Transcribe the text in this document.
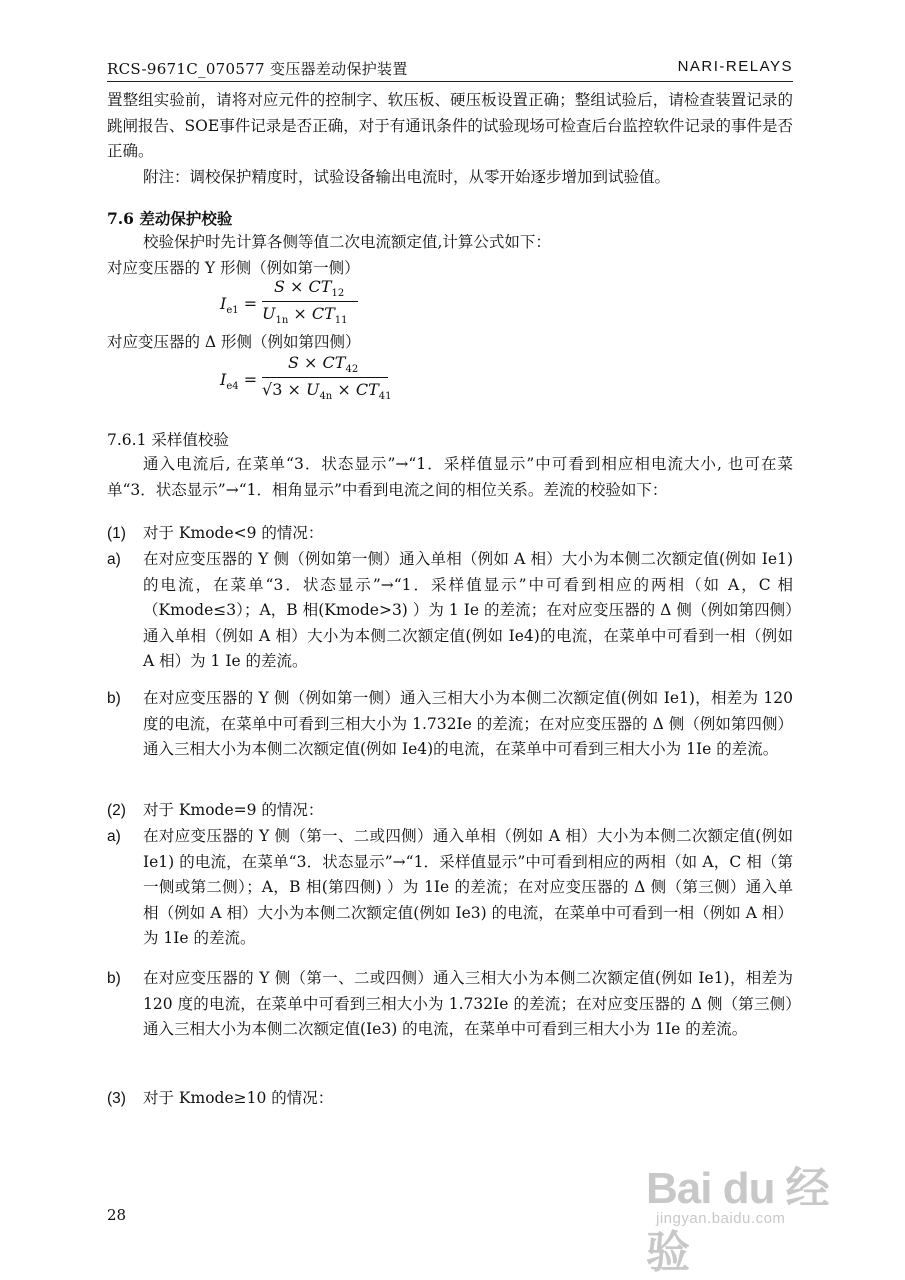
RCS-9671C_070577 变压器差动保护装置	NARI-RELAYS

置整组实验前，请将对应元件的控制字、软压板、硬压板设置正确；整组试验后，请检查装置记录的跳闸报告、SOE事件记录是否正确，对于有通讯条件的试验现场可检查后台监控软件记录的事件是否正确。

附注：调校保护精度时，试验设备输出电流时，从零开始逐步增加到试验值。

7.6 差动保护校验

校验保护时先计算各侧等值二次电流额定值,计算公式如下：

对应变压器的 Y 形侧（例如第一侧）

$I_{e1}$ =
$S \times CT_{12}$
$U_{1n} \times CT_{11}$

对应变压器的 Δ 形侧（例如第四侧）

$I_{e4}$ =
$S \times CT_{42}$
$√3 \times U_{4n} \times CT_{41}$

7.6.1 采样值校验

通入电流后, 在菜单“3．状态显示”→“1．采样值显示”中可看到相应相电流大小, 也可在菜单“3．状态显示”→“1．相角显示”中看到电流之间的相位关系。差流的校验如下：

(1) 对于 Kmode<9 的情况：
a) 在对应变压器的 Y 侧（例如第一侧）通入单相（例如 A 相）大小为本侧二次额定值(例如 Ie1) 的电流，在菜单“3．状态显示”→“1．采样值显示”中可看到相应的两相（如 A，C 相（Kmode≤3）；A，B 相(Kmode>3) ）为 1 Ie 的差流；在对应变压器的 Δ 侧（例如第四侧）通入单相（例如 A 相）大小为本侧二次额定值(例如 Ie4)的电流，在菜单中可看到一相（例如 A 相）为 1 Ie 的差流。
b) 在对应变压器的 Y 侧（例如第一侧）通入三相大小为本侧二次额定值(例如 Ie1)，相差为 120 度的电流，在菜单中可看到三相大小为 1.732Ie 的差流；在对应变压器的 Δ 侧（例如第四侧）通入三相大小为本侧二次额定值(例如 Ie4)的电流，在菜单中可看到三相大小为 1Ie 的差流。
(2) 对于 Kmode=9 的情况：
a) 在对应变压器的 Y 侧（第一、二或四侧）通入单相（例如 A 相）大小为本侧二次额定值(例如 Ie1) 的电流，在菜单“3．状态显示”→“1．采样值显示”中可看到相应的两相（如 A，C 相（第一侧或第二侧）；A，B 相(第四侧) ）为 1Ie 的差流；在对应变压器的 Δ 侧（第三侧）通入单相（例如 A 相）大小为本侧二次额定值(例如 Ie3) 的电流，在菜单中可看到一相（例如 A 相）为 1Ie 的差流。
b) 在对应变压器的 Y 侧（第一、二或四侧）通入三相大小为本侧二次额定值(例如 Ie1)，相差为 120 度的电流，在菜单中可看到三相大小为 1.732Ie 的差流；在对应变压器的 Δ 侧（第三侧）通入三相大小为本侧二次额定值(Ie3) 的电流，在菜单中可看到三相大小为 1Ie 的差流。
(3) 对于 Kmode≥10 的情况：
28
Bai du 经验
jingyan.baidu.com
